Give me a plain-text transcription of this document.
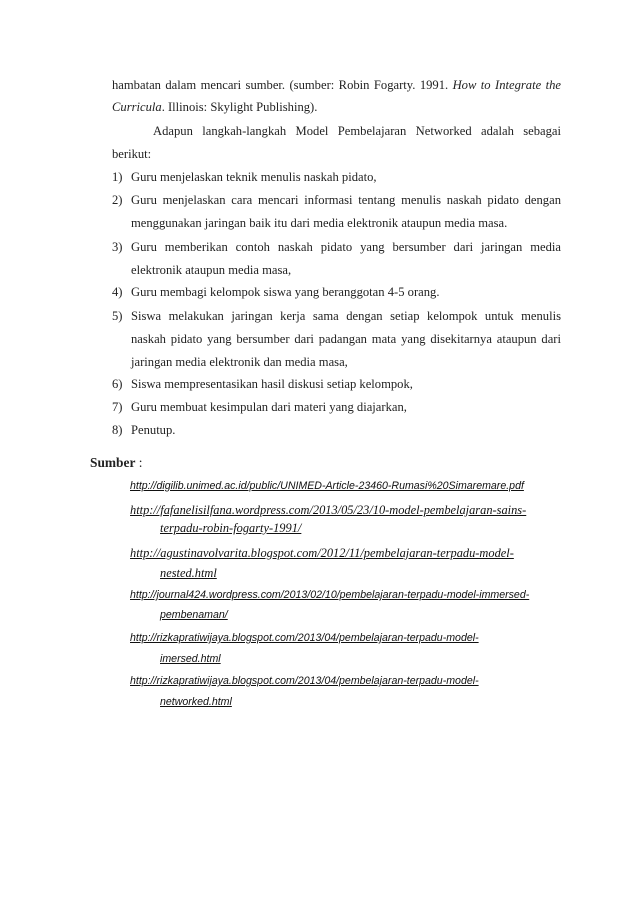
hambatan dalam mencari sumber. (sumber: Robin Fogarty. 1991. How to Integrate the
Curricula. Illinois: Skylight Publishing).
Adapun langkah-langkah Model Pembelajaran Networked adalah sebagai
berikut:
1) Guru menjelaskan teknik menulis naskah pidato,
2) Guru menjelaskan cara mencari informasi tentang menulis naskah pidato dengan
menggunakan jaringan baik itu dari media elektronik ataupun media masa.
3) Guru memberikan contoh naskah pidato yang bersumber dari jaringan media
elektronik ataupun media masa,
4) Guru membagi kelompok siswa yang beranggotan 4-5 orang.
5) Siswa melakukan jaringan kerja sama dengan setiap kelompok untuk menulis
naskah pidato yang bersumber dari padangan mata yang disekitarnya ataupun dari
jaringan media elektronik dan media masa,
6) Siswa mempresentasikan hasil diskusi setiap kelompok,
7) Guru membuat kesimpulan dari materi yang diajarkan,
8) Penutup.
Sumber :
http://digilib.unimed.ac.id/public/UNIMED-Article-23460-Rumasi%20Simaremare.pdf
http://fafanelisilfana.wordpress.com/2013/05/23/10-model-pembelajaran-sains-
terpadu-robin-fogarty-1991/
http://agustinavolvarita.blogspot.com/2012/11/pembelajaran-terpadu-model-
nested.html
http://journal424.wordpress.com/2013/02/10/pembelajaran-terpadu-model-immersed-
pembenaman/
http://rizkapratiwijaya.blogspot.com/2013/04/pembelajaran-terpadu-model-
imersed.html
http://rizkapratiwijaya.blogspot.com/2013/04/pembelajaran-terpadu-model-
networked.html
